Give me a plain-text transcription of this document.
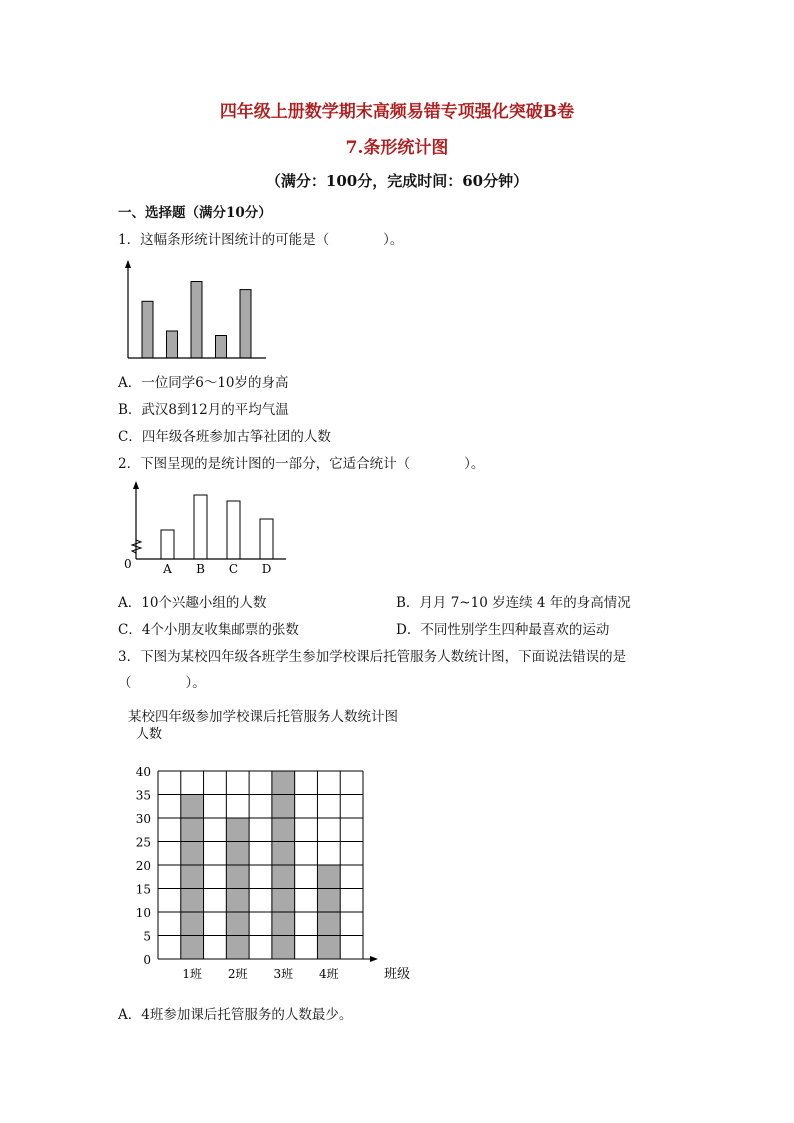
四年级上册数学期末高频易错专项强化突破B卷
7.条形统计图
（满分：100分，完成时间：60分钟）
一、选择题（满分10分）
1．这幅条形统计图统计的可能是（　　　　）。
A．一位同学6～10岁的身高
B．武汉8到12月的平均气温
C．四年级各班参加古筝社团的人数
2．下图呈现的是统计图的一部分，它适合统计（　　　　）。
A B C D
0
A．10个兴趣小组的人数	B．月月 7~10 岁连续 4 年的身高情况
C．4个小朋友收集邮票的张数	D．不同性别学生四种最喜欢的运动
3．下图为某校四年级各班学生参加学校课后托管服务人数统计图，下面说法错误的是
（　　　　）。
某校四年级参加学校课后托管服务人数统计图
人数
0
5
10
15
20
25
30
35
40
1班 2班 3班 4班	班级
A．4班参加课后托管服务的人数最少。
